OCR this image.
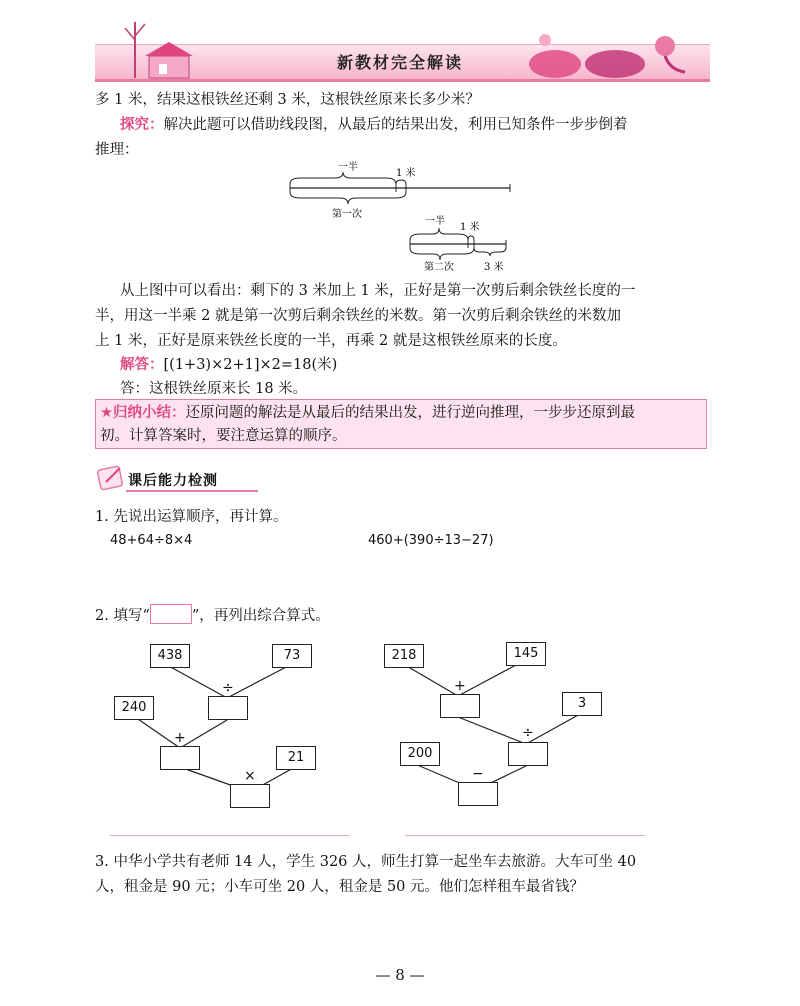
新教材完全解读
多 1 米，结果这根铁丝还剩 3 米，这根铁丝原来长多少米？
探究：解决此题可以借助线段图，从最后的结果出发，利用已知条件一步步倒着
推理：
一半
1 米
第一次
一半
1 米
第二次	3 米
从上图中可以看出：剩下的 3 米加上 1 米，正好是第一次剪后剩余铁丝长度的一
半，用这一半乘 2 就是第一次剪后剩余铁丝的米数。第一次剪后剩余铁丝的米数加
上 1 米，正好是原来铁丝长度的一半，再乘 2 就是这根铁丝原来的长度。
解答：[(1+3)×2+1]×2=18(米)
答：这根铁丝原来长 18 米。
★归纳小结：还原问题的解法是从最后的结果出发，进行逆向推理，一步步还原到最
初。计算答案时，要注意运算的顺序。
课后能力检测
1. 先说出运算顺序，再计算。
48+64÷8×4	460+(390÷13−27)
2. 填写“	”，再列出综合算式。
438	73
÷
240
+
21
×
218	145
+
3
÷
200
−
3. 中华小学共有老师 14 人，学生 326 人，师生打算一起坐车去旅游。大车可坐 40
人，租金是 90 元；小车可坐 20 人，租金是 50 元。他们怎样租车最省钱？
— 8 —
